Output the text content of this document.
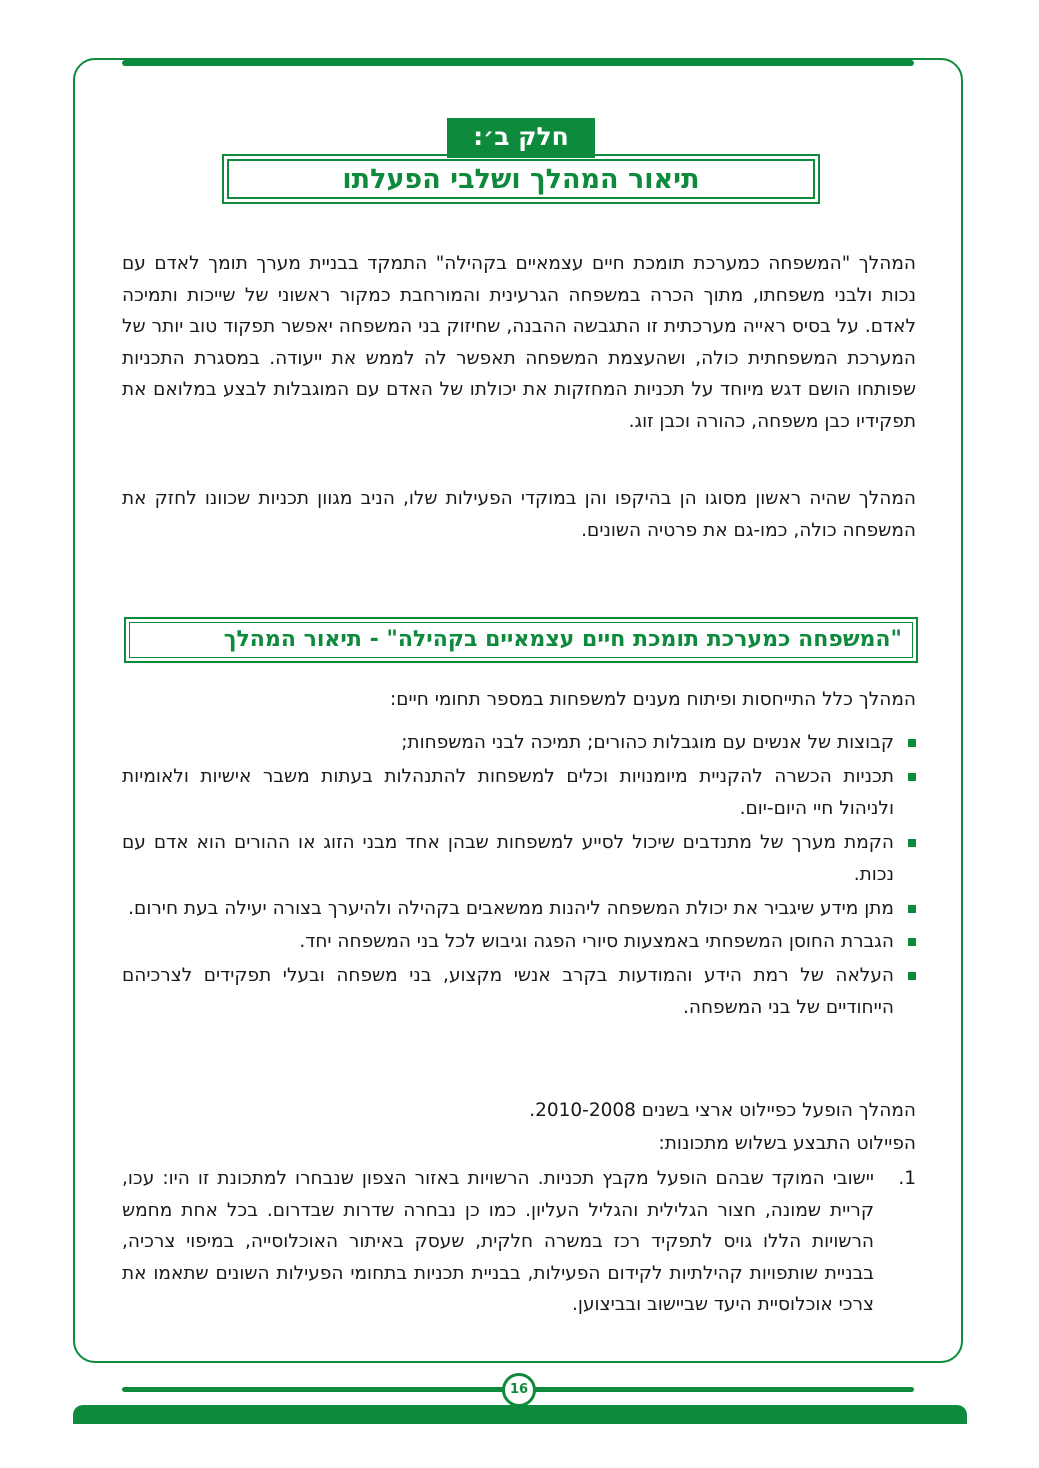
חלק ב׳:
תיאור המהלך ושלבי הפעלתו

המהלך "המשפחה כמערכת תומכת חיים עצמאיים בקהילה" התמקד בבניית מערך תומך לאדם עם נכות ולבני משפחתו, מתוך הכרה במשפחה הגרעינית והמורחבת כמקור ראשוני של שייכות ותמיכה לאדם. על בסיס ראייה מערכתית זו התגבשה ההבנה, שחיזוק בני המשפחה יאפשר תפקוד טוב יותר של המערכת המשפחתית כולה, ושהעצמת המשפחה תאפשר לה לממש את ייעודה. במסגרת התכניות שפותחו הושם דגש מיוחד על תכניות המחזקות את יכולתו של האדם עם המוגבלות לבצע במלואם את תפקידיו כבן משפחה, כהורה וכבן זוג.

המהלך שהיה ראשון מסוגו הן בהיקפו והן במוקדי הפעילות שלו, הניב מגוון תכניות שכוונו לחזק את המשפחה כולה, כמו-גם את פרטיה השונים.

"המשפחה כמערכת תומכת חיים עצמאיים בקהילה" - תיאור המהלך
המהלך כלל התייחסות ופיתוח מענים למשפחות במספר תחומי חיים:
קבוצות של אנשים עם מוגבלות כהורים; תמיכה לבני המשפחות;
תכניות הכשרה להקניית מיומנויות וכלים למשפחות להתנהלות בעתות משבר אישיות ולאומיות ולניהול חיי היום-יום.
הקמת מערך של מתנדבים שיכול לסייע למשפחות שבהן אחד מבני הזוג או ההורים הוא אדם עם נכות.
מתן מידע שיגביר את יכולת המשפחה ליהנות ממשאבים בקהילה ולהיערך בצורה יעילה בעת חירום.
הגברת החוסן המשפחתי באמצעות סיורי הפגה וגיבוש לכל בני המשפחה יחד.
העלאה של רמת הידע והמודעות בקרב אנשי מקצוע, בני משפחה ובעלי תפקידים לצרכיהם הייחודיים של בני המשפחה.
המהלך הופעל כפיילוט ארצי בשנים 2010-2008.
הפיילוט התבצע בשלוש מתכונות:
1.
יישובי המוקד שבהם הופעל מקבץ תכניות. הרשויות באזור הצפון שנבחרו למתכונת זו היו: עכו, קריית שמונה, חצור הגלילית והגליל העליון. כמו כן נבחרה שדרות שבדרום. בכל אחת מחמש הרשויות הללו גויס לתפקיד רכז במשרה חלקית, שעסק באיתור האוכלוסייה, במיפוי צרכיה, בבניית שותפויות קהילתיות לקידום הפעילות, בבניית תכניות בתחומי הפעילות השונים שתאמו את צרכי אוכלוסיית היעד שביישוב ובביצוען.
16
